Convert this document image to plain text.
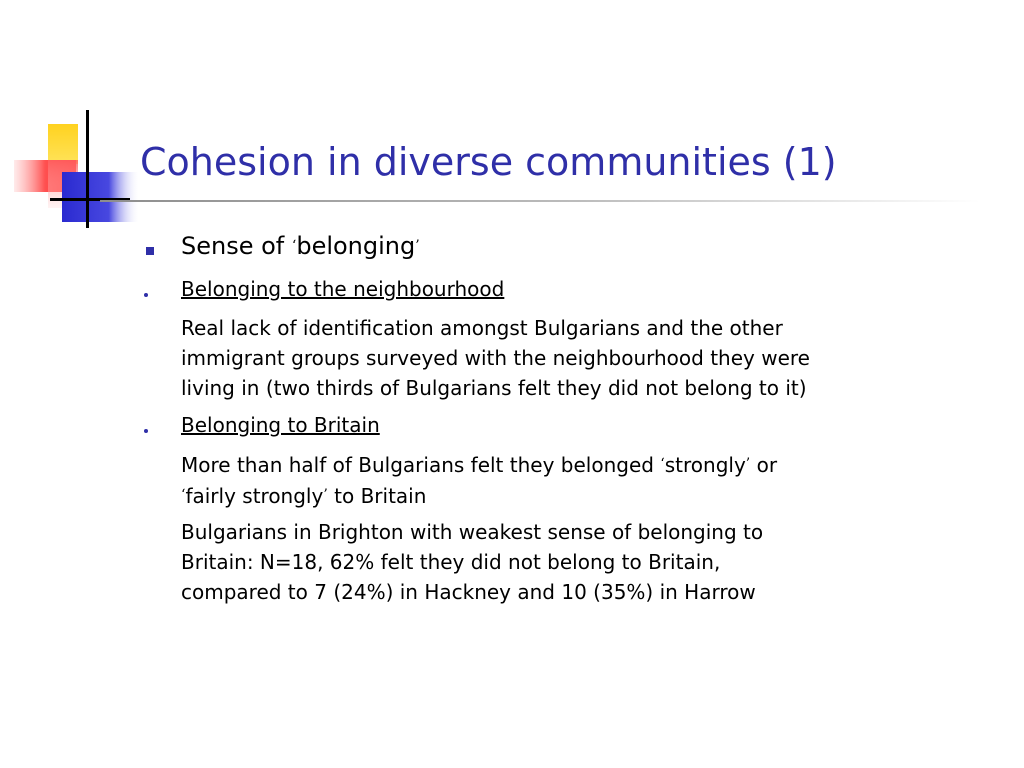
Cohesion in diverse communities (1)
Sense of ‘belonging’
Belonging to the neighbourhood
Real lack of identification amongst Bulgarians and the other
immigrant groups surveyed with the neighbourhood they were
living in (two thirds of Bulgarians felt they did not belong to it)
Belonging to Britain
More than half of Bulgarians felt they belonged ‘strongly’ or
‘fairly strongly’ to Britain
Bulgarians in Brighton with weakest sense of belonging to
Britain: N=18, 62% felt they did not belong to Britain,
compared to 7 (24%) in Hackney and 10 (35%) in Harrow
